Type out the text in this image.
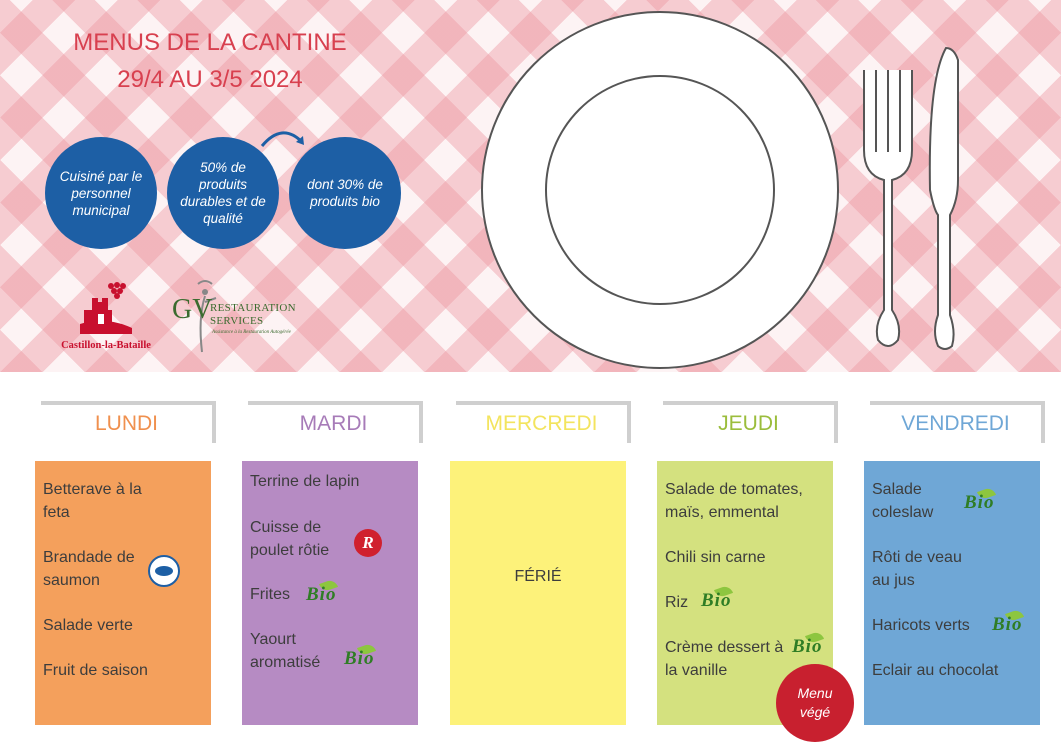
MENUS DE LA CANTINE
29/4 AU 3/5 2024
Cuisiné par le personnel municipal
50% de produits durables et de qualité
dont 30% de produits bio
Castillon-la-Bataille
GV
RESTAURATION
SERVICES
Assistance à la Restauration Autogérée
LUNDI	MARDI	MERCREDI	JEUDI	VENDREDI
Betterave à la feta
Brandade de saumon
Salade verte
Fruit de saison
Terrine de lapin
Cuisse de poulet rôtie	R
Frites Bio
Yaourt aromatisé	Bio
FÉRIÉ
Salade de tomates, maïs, emmental
Chili sin carne
Riz Bio
Crème dessert à la vanille
Bio
Salade coleslaw	Bio
Rôti de veau au jus
Haricots verts Bio
Eclair au chocolat
Menu végé
